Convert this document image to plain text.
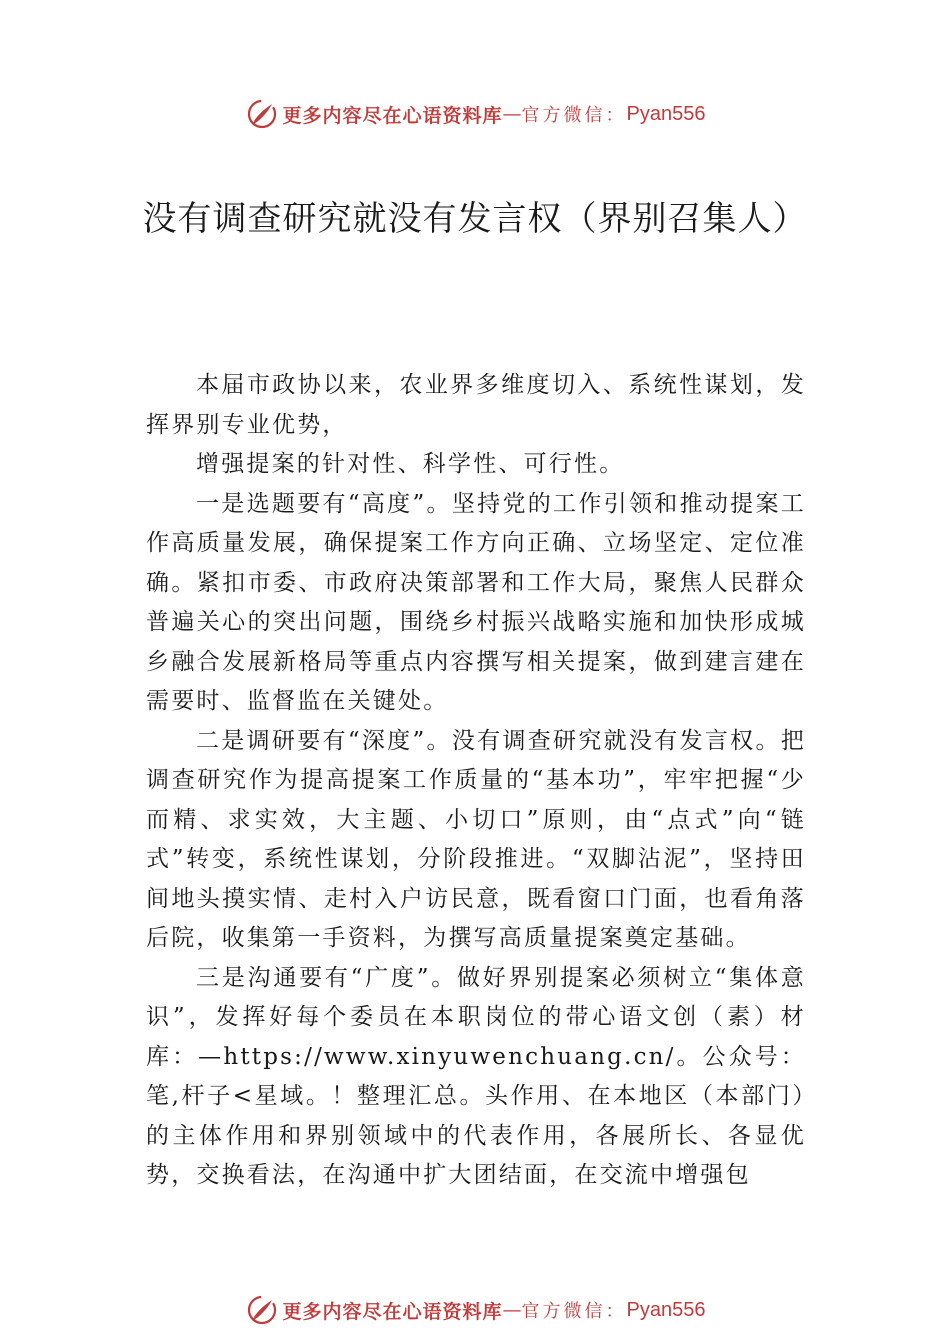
更多内容尽在心语资料库 — 官方微信： Pyan556
没有调查研究就没有发言权（界别召集人）

本届市政协以来，农业界多维度切入、系统性谋划，发挥界别专业优势，

增强提案的针对性、科学性、可行性。

一是选题要有“高度”。坚持党的工作引领和推动提案工作高质量发展，确保提案工作方向正确、立场坚定、定位准确。紧扣市委、市政府决策部署和工作大局，聚焦人民群众普遍关心的突出问题，围绕乡村振兴战略实施和加快形成城乡融合发展新格局等重点内容撰写相关提案，做到建言建在需要时、监督监在关键处。

二是调研要有“深度”。没有调查研究就没有发言权。把调查研究作为提高提案工作质量的“基本功”，牢牢把握“少而精、求实效，大主题、小切口”原则，由“点式”向“链式”转变，系统性谋划，分阶段推进。“双脚沾泥”，坚持田间地头摸实情、走村入户访民意，既看窗口门面，也看角落后院，收集第一手资料，为撰写高质量提案奠定基础。

三是沟通要有“广度”。做好界别提案必须树立“集体意识”，发挥好每个委员在本职岗位的带心语文创（素）材库：—https://www.xinyuwenchuang.cn/。公众号：笔,杆子<星域。！整理汇总。头作用、在本地区（本部门）的主体作用和界别领域中的代表作用，各展所长、各显优势，交换看法，在沟通中扩大团结面，在交流中增强包

更多内容尽在心语资料库 — 官方微信： Pyan556
